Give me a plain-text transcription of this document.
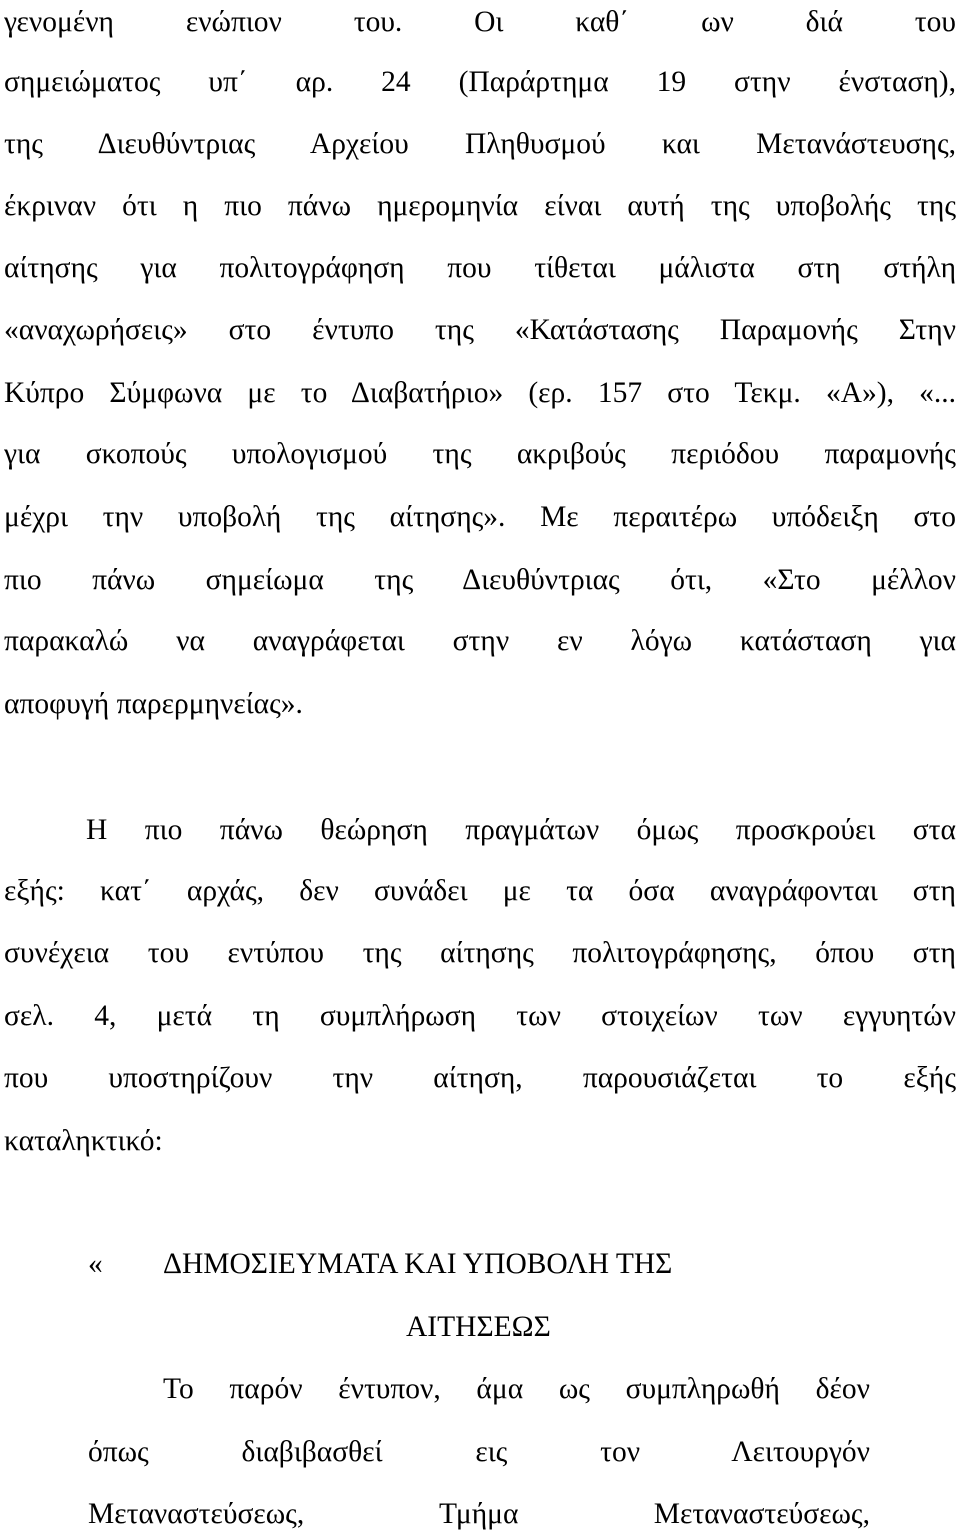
γενομένη ενώπιον του. Οι καθ΄ ων διά του
σημειώματος υπ΄ αρ. 24 (Παράρτημα 19 στην ένσταση),
της Διευθύντριας Αρχείου Πληθυσμού και Μετανάστευσης,
έκριναν ότι η πιο πάνω ημερομηνία είναι αυτή της υποβολής της
αίτησης για πολιτογράφηση που τίθεται μάλιστα στη στήλη
«αναχωρήσεις» στο έντυπο της «Κατάστασης Παραμονής Στην
Κύπρο Σύμφωνα με το Διαβατήριο» (ερ. 157 στο Τεκμ. «Α»), «...
για σκοπούς υπολογισμού της ακριβούς περιόδου παραμονής
μέχρι την υποβολή της αίτησης». Με περαιτέρω υπόδειξη στο
πιο πάνω σημείωμα της Διευθύντριας ότι, «Στο μέλλον
παρακαλώ να αναγράφεται στην εν λόγω κατάσταση για
αποφυγή παρερμηνείας».
Η πιο πάνω θεώρηση πραγμάτων όμως προσκρούει στα
εξής: κατ΄ αρχάς, δεν συνάδει με τα όσα αναγράφονται στη
συνέχεια του εντύπου της αίτησης πολιτογράφησης, όπου στη
σελ. 4, μετά τη συμπλήρωση των στοιχείων των εγγυητών
που υποστηρίζουν την αίτηση, παρουσιάζεται το εξής
καταληκτικό:
« ΔΗΜΟΣΙΕΥΜΑΤΑ ΚΑΙ ΥΠΟΒΟΛΗ ΤΗΣ
ΑΙΤΗΣΕΩΣ
Το παρόν έντυπον, άμα ως συμπληρωθή δέον
όπως διαβιβασθεί εις τον Λειτουργόν
Μεταναστεύσεως, Τμήμα Μεταναστεύσεως,
